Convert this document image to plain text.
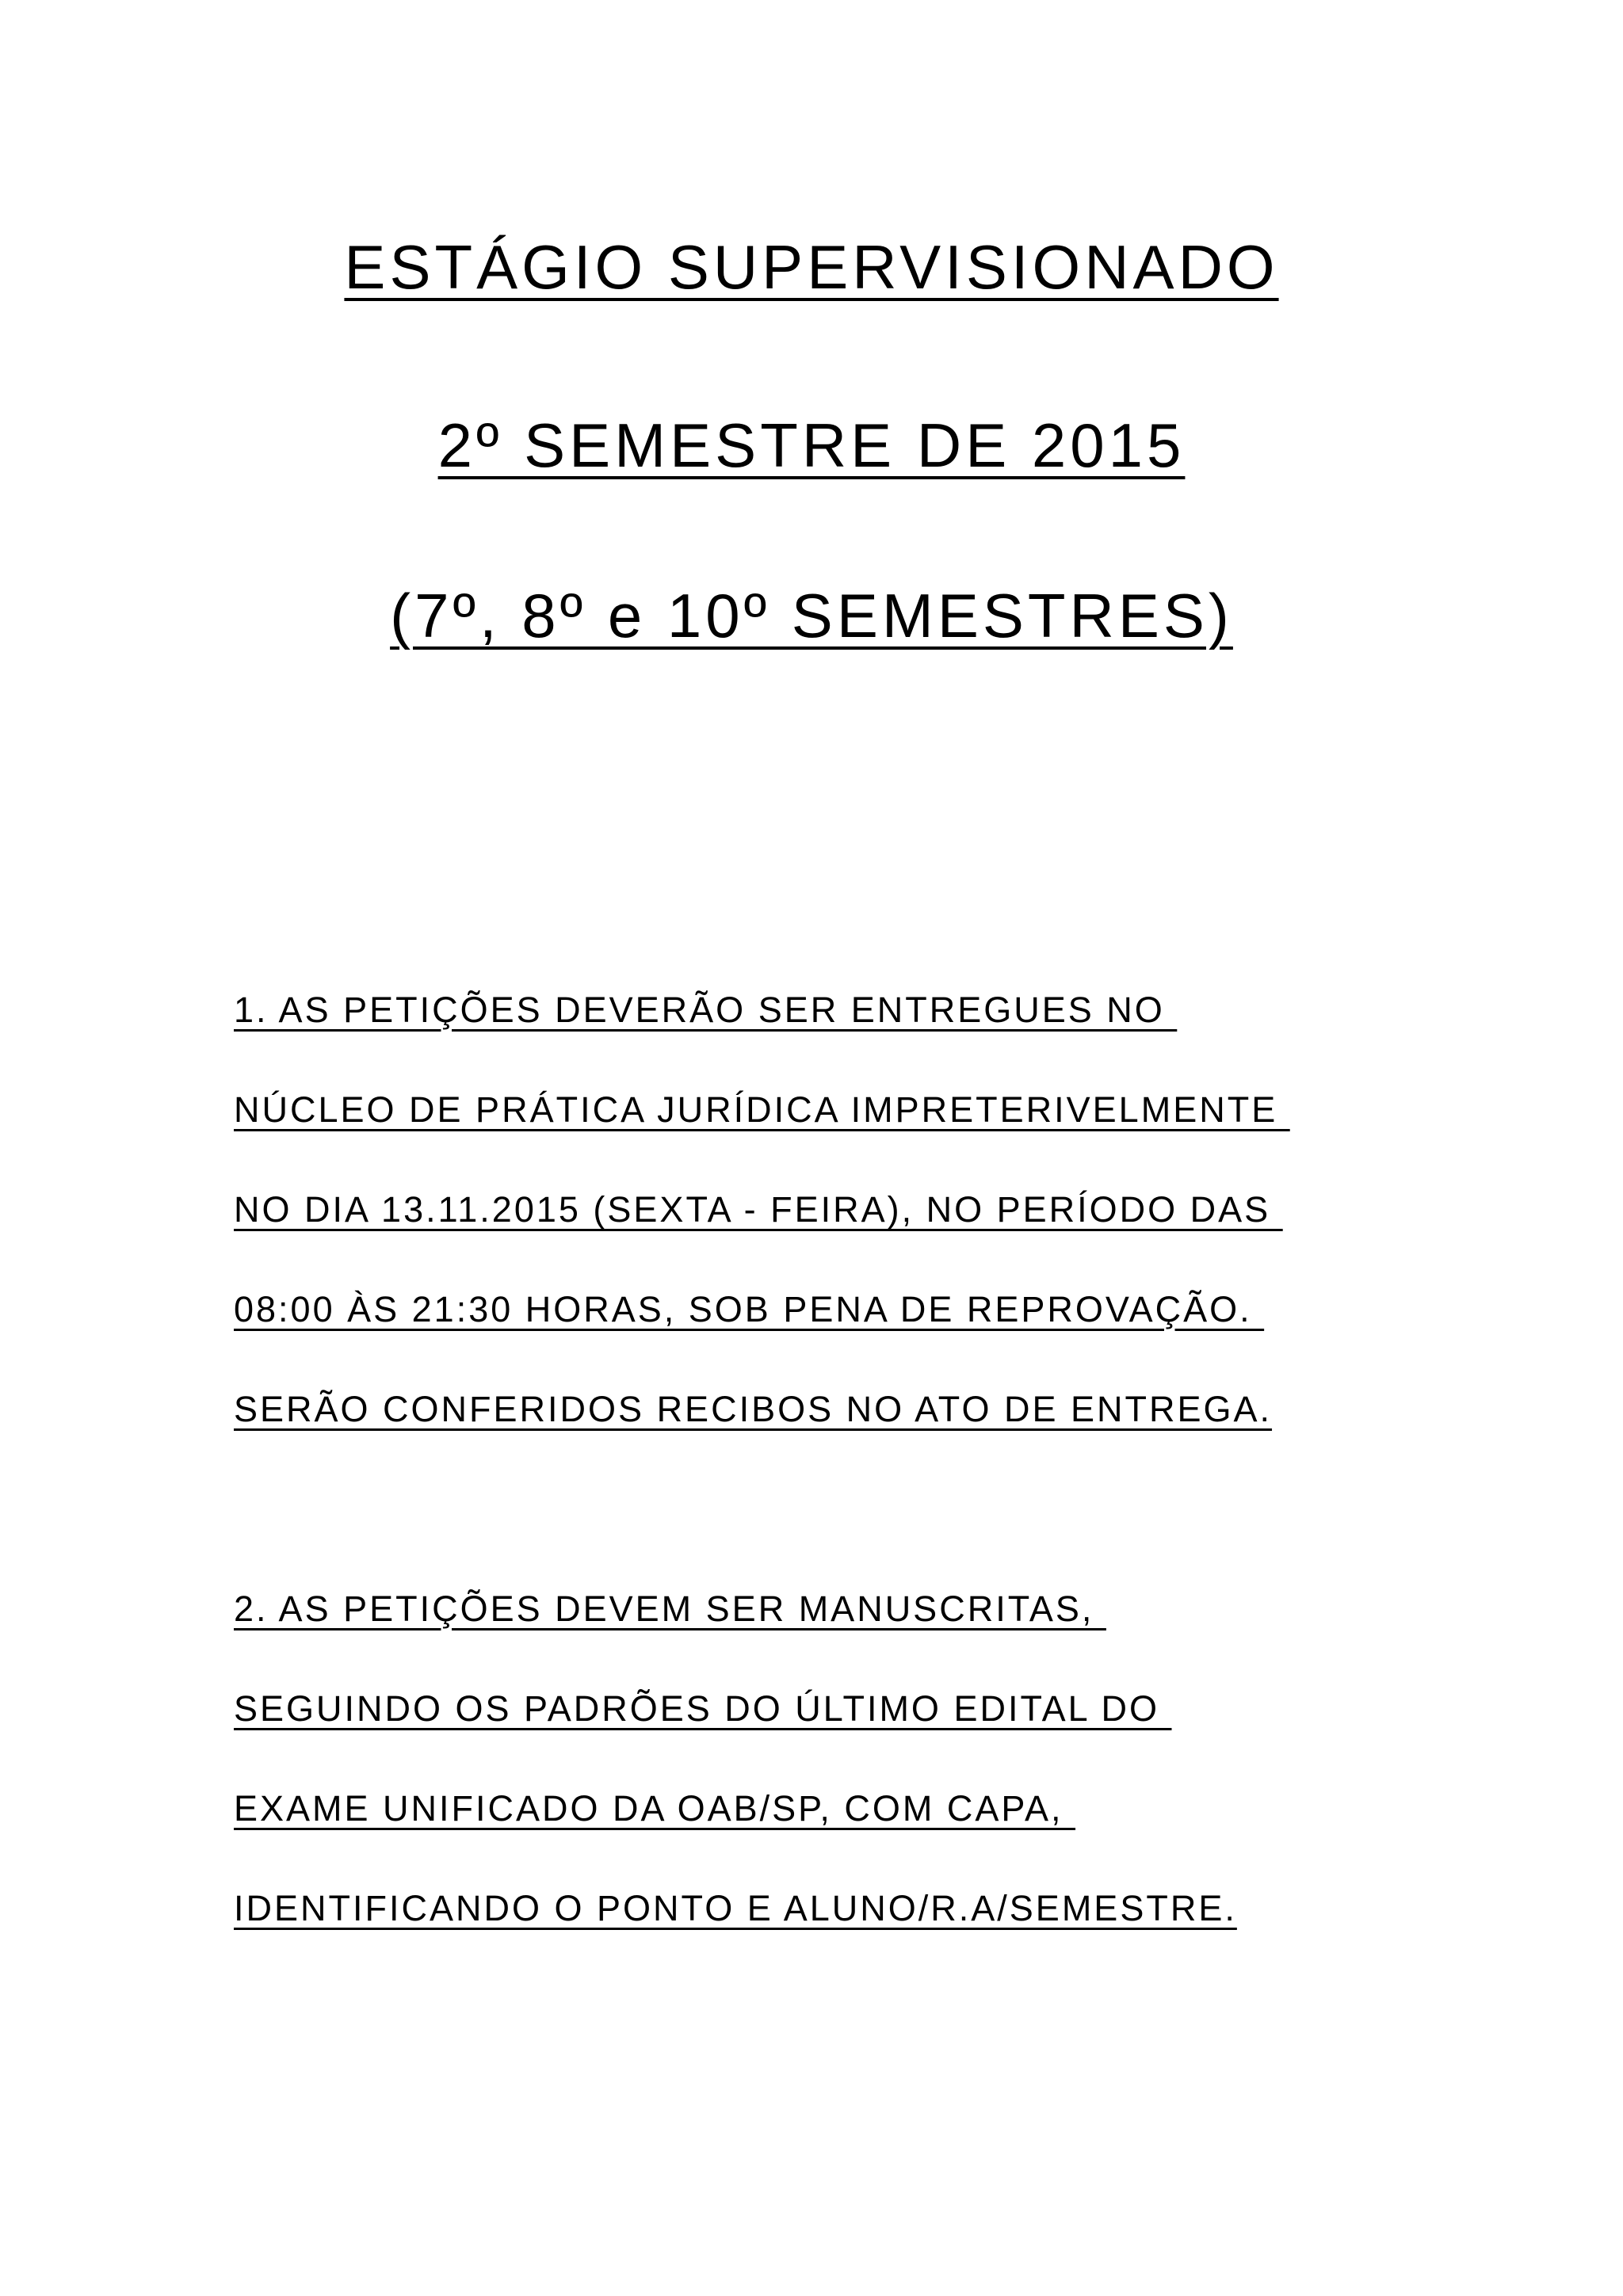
ESTÁGIO SUPERVISIONADO
2º SEMESTRE DE 2015
(7º, 8º e 10º SEMESTRES)
1. AS PETIÇÕES DEVERÃO SER ENTREGUES NO
NÚCLEO DE PRÁTICA JURÍDICA IMPRETERIVELMENTE
NO DIA 13.11.2015 (SEXTA - FEIRA), NO PERÍODO DAS
08:00 ÀS 21:30 HORAS, SOB PENA DE REPROVAÇÃO.
SERÃO CONFERIDOS RECIBOS NO ATO DE ENTREGA.
2. AS PETIÇÕES DEVEM SER MANUSCRITAS,
SEGUINDO OS PADRÕES DO ÚLTIMO EDITAL DO
EXAME UNIFICADO DA OAB/SP, COM CAPA,
IDENTIFICANDO O PONTO E ALUNO/R.A/SEMESTRE.
